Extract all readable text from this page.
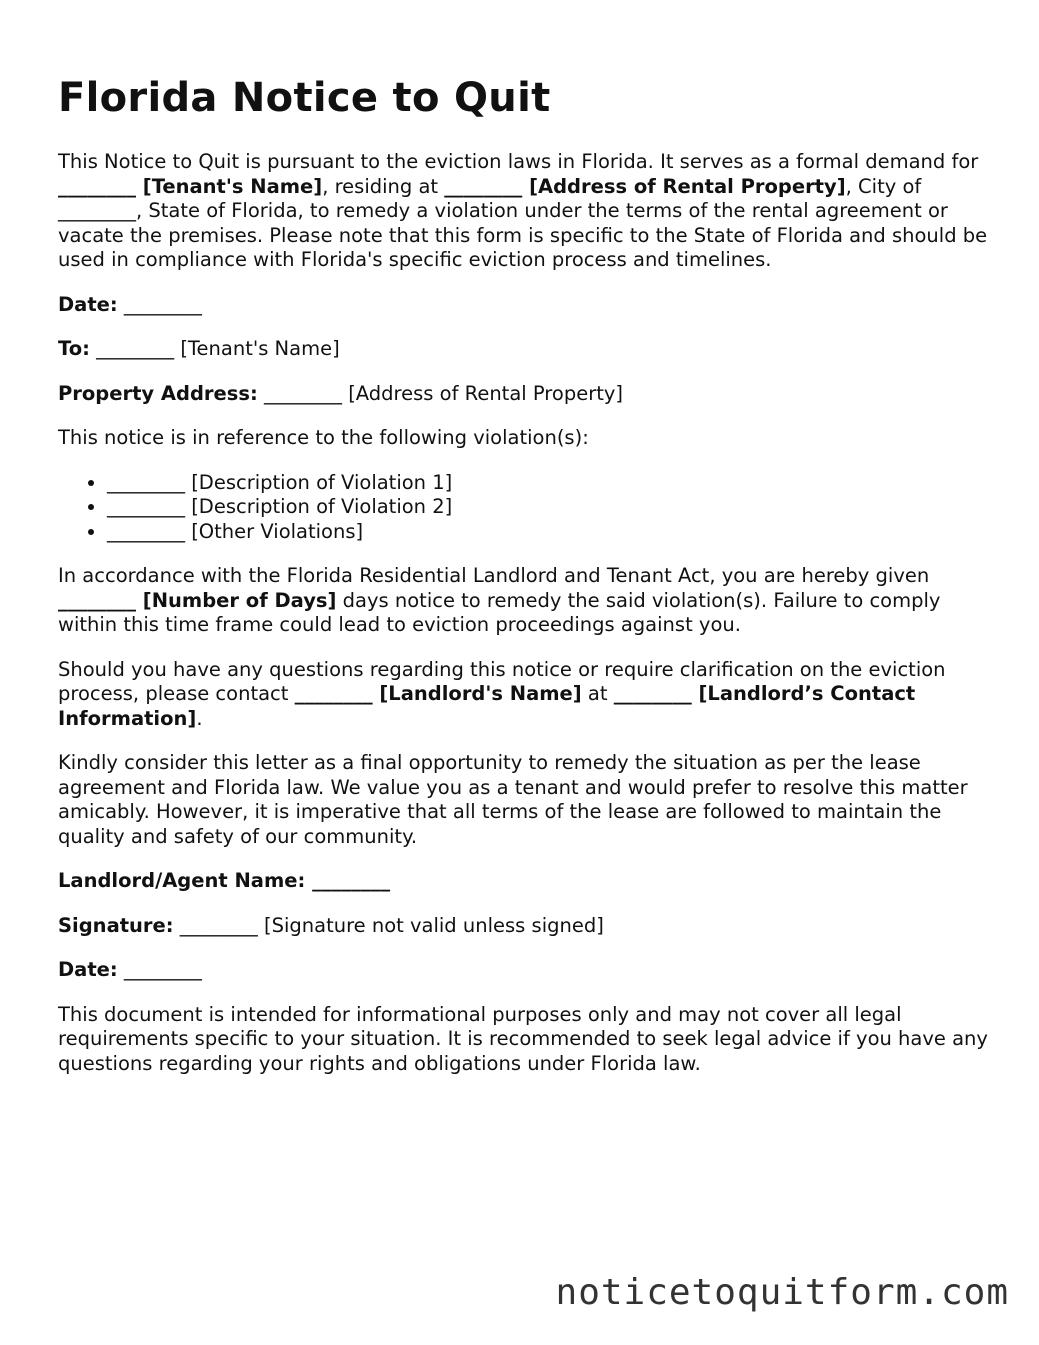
Florida Notice to Quit

This Notice to Quit is pursuant to the eviction laws in Florida. It serves as a formal demand for ________ [Tenant's Name], residing at ________ [Address of Rental Property], City of ________, State of Florida, to remedy a violation under the terms of the rental agreement or vacate the premises. Please note that this form is specific to the State of Florida and should be used in compliance with Florida's specific eviction process and timelines.

Date: ________

To: ________ [Tenant's Name]

Property Address: ________ [Address of Rental Property]

This notice is in reference to the following violation(s):

• ________ [Description of Violation 1]
• ________ [Description of Violation 2]
• ________ [Other Violations]

In accordance with the Florida Residential Landlord and Tenant Act, you are hereby given ________ [Number of Days] days notice to remedy the said violation(s). Failure to comply within this time frame could lead to eviction proceedings against you.

Should you have any questions regarding this notice or require clarification on the eviction process, please contact ________ [Landlord's Name] at ________ [Landlord’s Contact Information].

Kindly consider this letter as a final opportunity to remedy the situation as per the lease agreement and Florida law. We value you as a tenant and would prefer to resolve this matter amicably. However, it is imperative that all terms of the lease are followed to maintain the quality and safety of our community.

Landlord/Agent Name: ________

Signature: ________ [Signature not valid unless signed]

Date: ________

This document is intended for informational purposes only and may not cover all legal requirements specific to your situation. It is recommended to seek legal advice if you have any questions regarding your rights and obligations under Florida law.

noticetoquitform.com
